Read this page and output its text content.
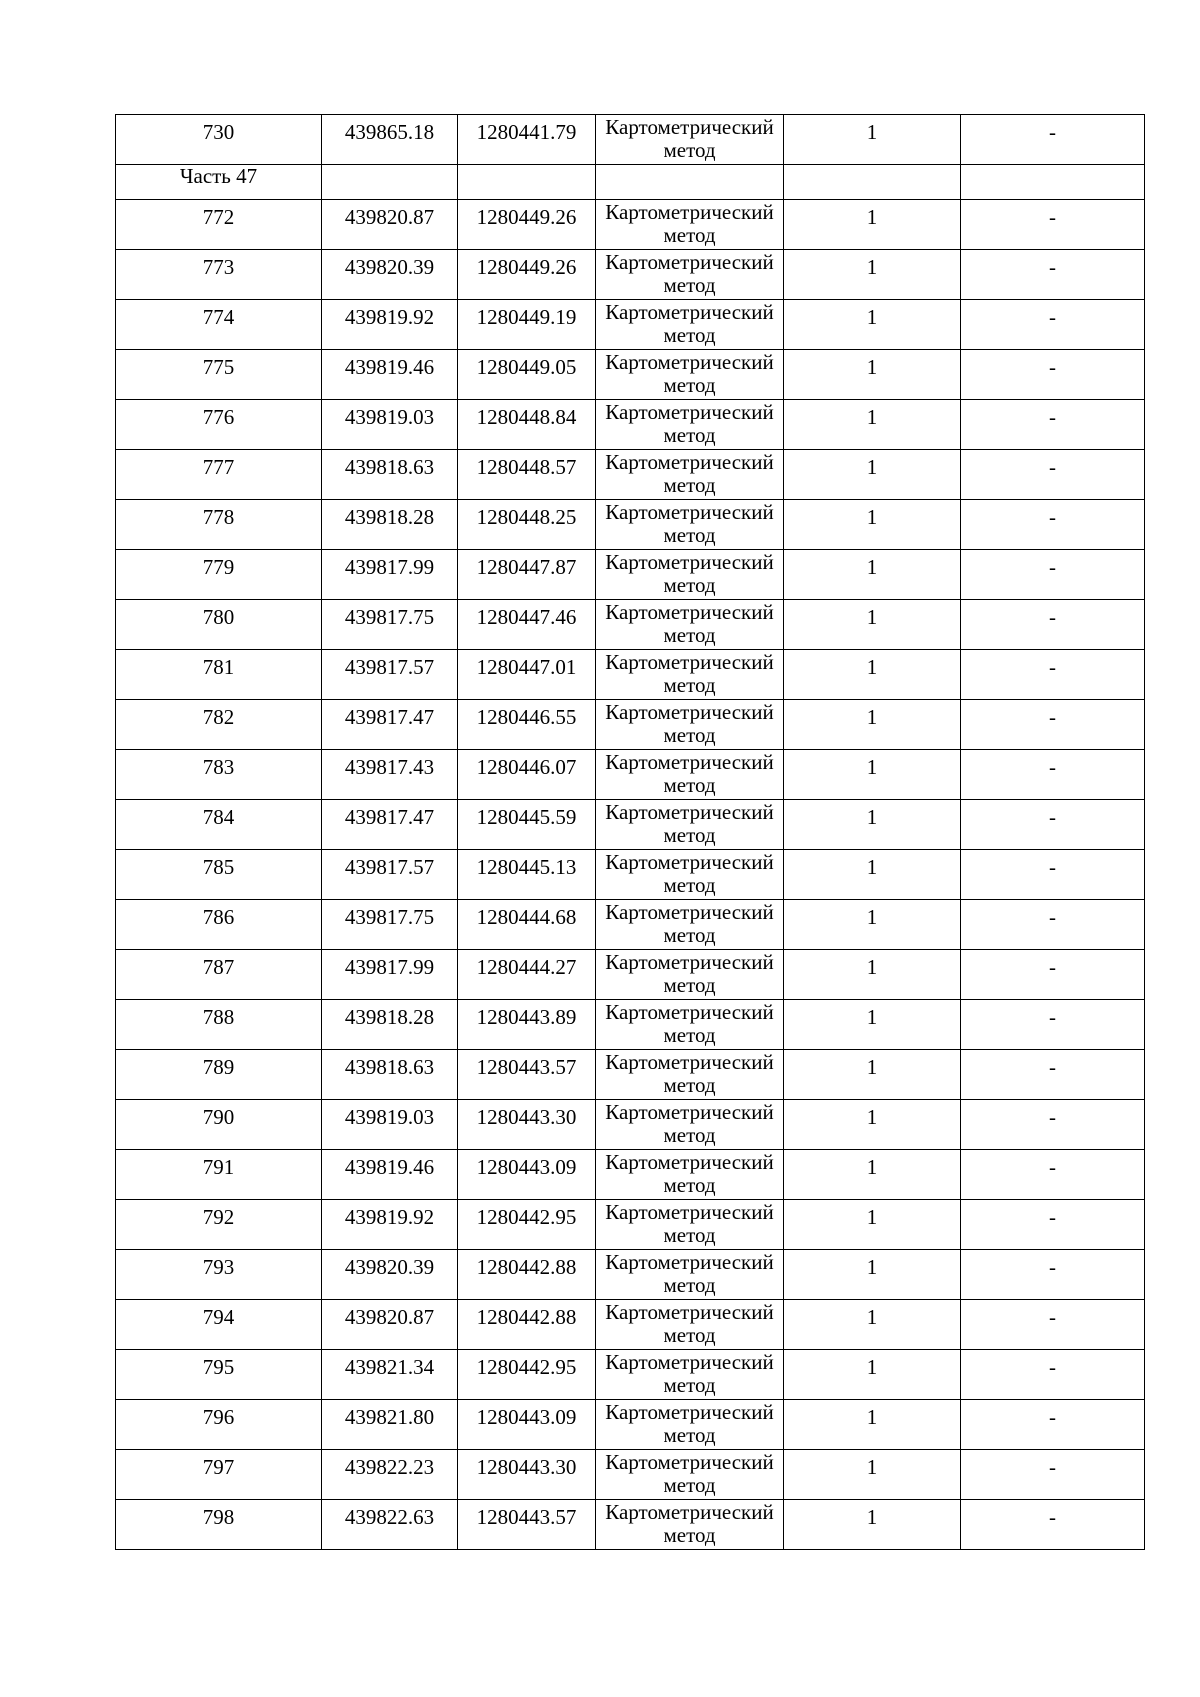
730	439865.18	1280441.79	Картометрический
метод	1	-
Часть 47					
772	439820.87	1280449.26	Картометрический
метод	1	-
773	439820.39	1280449.26	Картометрический
метод	1	-
774	439819.92	1280449.19	Картометрический
метод	1	-
775	439819.46	1280449.05	Картометрический
метод	1	-
776	439819.03	1280448.84	Картометрический
метод	1	-
777	439818.63	1280448.57	Картометрический
метод	1	-
778	439818.28	1280448.25	Картометрический
метод	1	-
779	439817.99	1280447.87	Картометрический
метод	1	-
780	439817.75	1280447.46	Картометрический
метод	1	-
781	439817.57	1280447.01	Картометрический
метод	1	-
782	439817.47	1280446.55	Картометрический
метод	1	-
783	439817.43	1280446.07	Картометрический
метод	1	-
784	439817.47	1280445.59	Картометрический
метод	1	-
785	439817.57	1280445.13	Картометрический
метод	1	-
786	439817.75	1280444.68	Картометрический
метод	1	-
787	439817.99	1280444.27	Картометрический
метод	1	-
788	439818.28	1280443.89	Картометрический
метод	1	-
789	439818.63	1280443.57	Картометрический
метод	1	-
790	439819.03	1280443.30	Картометрический
метод	1	-
791	439819.46	1280443.09	Картометрический
метод	1	-
792	439819.92	1280442.95	Картометрический
метод	1	-
793	439820.39	1280442.88	Картометрический
метод	1	-
794	439820.87	1280442.88	Картометрический
метод	1	-
795	439821.34	1280442.95	Картометрический
метод	1	-
796	439821.80	1280443.09	Картометрический
метод	1	-
797	439822.23	1280443.30	Картометрический
метод	1	-
798	439822.63	1280443.57	Картометрический
метод	1	-
